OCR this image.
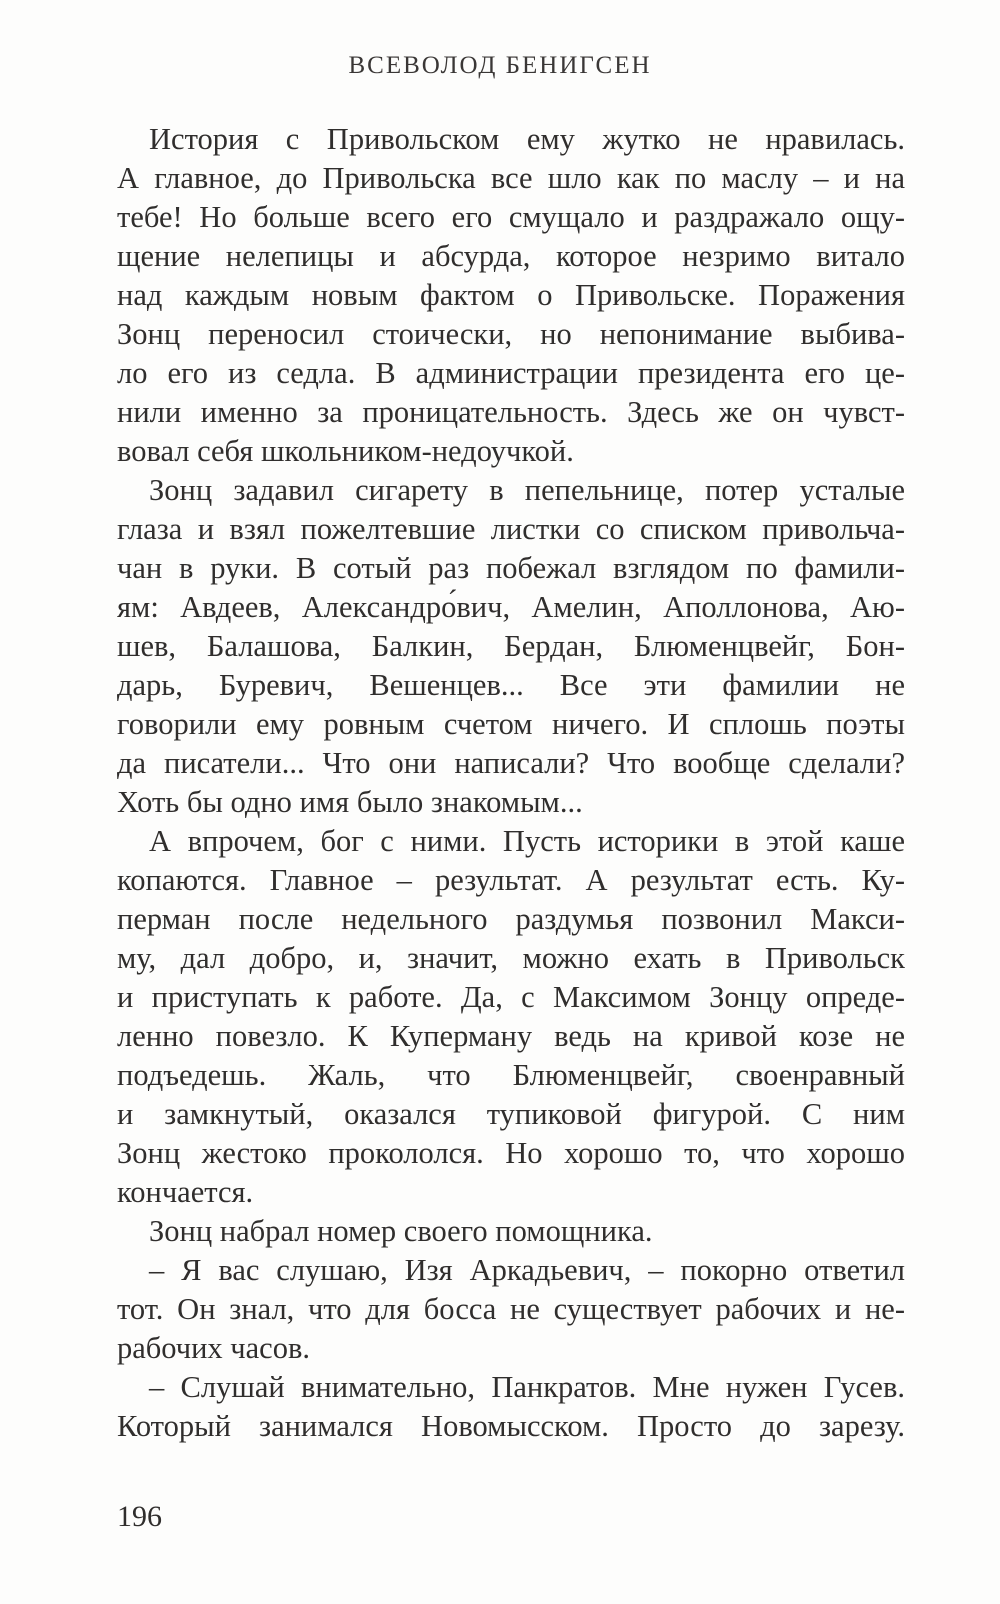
ВСЕВОЛОД БЕНИГСЕН
История с Привольском ему жутко не нравилась.
А главное, до Привольска все шло как по маслу – и на
тебе! Но больше всего его смущало и раздражало ощу-
щение нелепицы и абсурда, которое незримо витало
над каждым новым фактом о Привольске. Поражения
Зонц переносил стоически, но непонимание выбива-
ло его из седла. В администрации президента его це-
нили именно за проницательность. Здесь же он чувст-
вовал себя школьником-недоучкой.
Зонц задавил сигарету в пепельнице, потер усталые
глаза и взял пожелтевшие листки со списком привольча-
чан в руки. В сотый раз побежал взглядом по фамили-
ям: Авдеев, Александро́вич, Амелин, Аполлонова, Аю-
шев, Балашова, Балкин, Бердан, Блюменцвейг, Бон-
дарь, Буревич, Вешенцев... Все эти фамилии не
говорили ему ровным счетом ничего. И сплошь поэты
да писатели... Что они написали? Что вообще сделали?
Хоть бы одно имя было знакомым...
А впрочем, бог с ними. Пусть историки в этой каше
копаются. Главное – результат. А результат есть. Ку-
перман после недельного раздумья позвонил Макси-
му, дал добро, и, значит, можно ехать в Привольск
и приступать к работе. Да, с Максимом Зонцу опреде-
ленно повезло. К Куперману ведь на кривой козе не
подъедешь. Жаль, что Блюменцвейг, своенравный
и замкнутый, оказался тупиковой фигурой. С ним
Зонц жестоко прокололся. Но хорошо то, что хорошо
кончается.
Зонц набрал номер своего помощника.
– Я вас слушаю, Изя Аркадьевич, – покорно ответил
тот. Он знал, что для босса не существует рабочих и не-
рабочих часов.
– Слушай внимательно, Панкратов. Мне нужен Гусев.
Который занимался Новомысском. Просто до зарезу.
196
